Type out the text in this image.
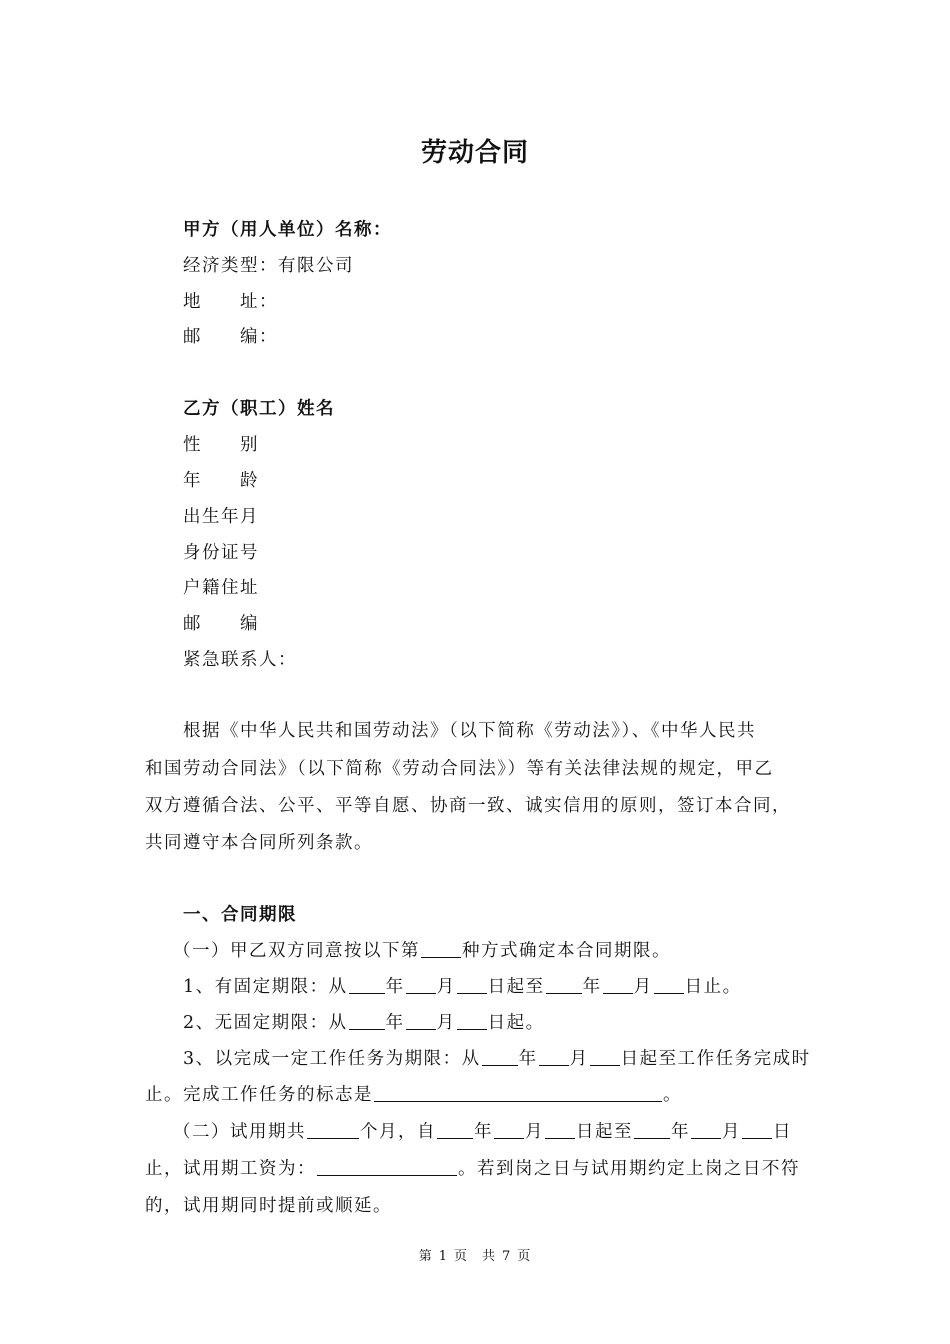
劳动合同
甲方（用人单位）名称：
经济类型：有限公司
地　　址：
邮　　编：
乙方（职工）姓名
性　　别
年　　龄
出生年月
身份证号
户籍住址
邮　　编
紧急联系人：
根据《中华人民共和国劳动法》（以下简称《劳动法》）、《中华人民共
和国劳动合同法》（以下简称《劳动合同法》）等有关法律法规的规定，甲乙
双方遵循合法、公平、平等自愿、协商一致、诚实信用的原则，签订本合同，
共同遵守本合同所列条款。
一、合同期限
（一）甲乙双方同意按以下第 种方式确定本合同期限。
1、有固定期限：从 年 月 日起至 年 月 日止。
2、无固定期限：从 年 月 日起。
3、以完成一定工作任务为期限：从 年 月 日起至工作任务完成时
止。完成工作任务的标志是	。
（二）试用期共	个月，自 年 月 日起至 年 月 日
止，试用期工资为：	。若到岗之日与试用期约定上岗之日不符
的，试用期同时提前或顺延。
第 1 页　共 7 页
